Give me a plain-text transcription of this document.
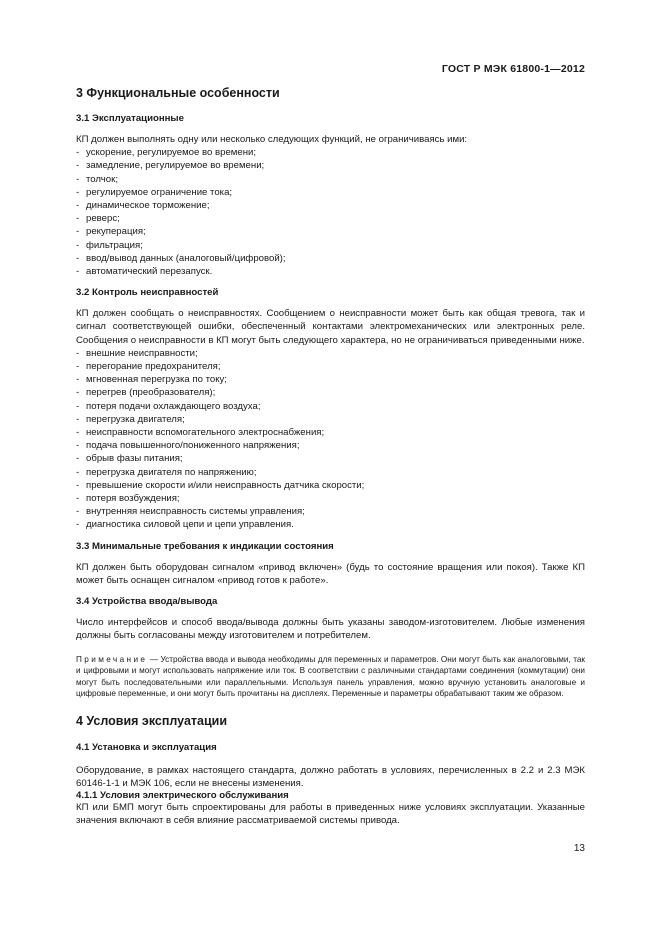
ГОСТ Р МЭК 61800-1—2012

3 Функциональные особенности

3.1 Эксплуатационные

КП должен выполнять одну или несколько следующих функций, не ограничиваясь ими:

- ускорение, регулируемое во времени;
- замедление, регулируемое во времени;
- толчок;
- регулируемое ограничение тока;
- динамическое торможение;
- реверс;
- рекуперация;
- фильтрация;
- ввод/вывод данных (аналоговый/цифровой);
- автоматический перезапуск.

3.2 Контроль неисправностей

КП должен сообщать о неисправностях. Сообщением о неисправности может быть как общая тревога, так и сигнал соответствующей ошибки, обеспеченный контактами электромеханических или электронных реле. Сообщения о неисправности в КП могут быть следующего характера, но не ограничиваться приведенными ниже.

- внешние неисправности;
- перегорание предохранителя;
- мгновенная перегрузка по току;
- перегрев (преобразователя);
- потеря подачи охлаждающего воздуха;
- перегрузка двигателя;
- неисправности вспомогательного электроснабжения;
- подача повышенного/пониженного напряжения;
- обрыв фазы питания;
- перегрузка двигателя по напряжению;
- превышение скорости и/или неисправность датчика скорости;
- потеря возбуждения;
- внутренняя неисправность системы управления;
- диагностика силовой цепи и цепи управления.

3.3 Минимальные требования к индикации состояния

КП должен быть оборудован сигналом «привод включен» (будь то состояние вращения или покоя). Также КП может быть оснащен сигналом «привод готов к работе».

3.4 Устройства ввода/вывода

Число интерфейсов и способ ввода/вывода должны быть указаны заводом-изготовителем. Любые изменения должны быть согласованы между изготовителем и потребителем.

Примечание — Устройства ввода и вывода необходимы для переменных и параметров. Они могут быть как аналоговыми, так и цифровыми и могут использовать напряжение или ток. В соответствии с различными стандартами соединения (коммутации) они могут быть последовательными или параллельными. Используя панель управления, можно вручную установить аналоговые и цифровые переменные, и они могут быть прочитаны на дисплеях. Переменные и параметры обрабатывают таким же образом.

4 Условия эксплуатации

4.1 Установка и эксплуатация

Оборудование, в рамках настоящего стандарта, должно работать в условиях, перечисленных в 2.2 и 2.3 МЭК 60146-1-1 и МЭК 106, если не внесены изменения.

4.1.1 Условия электрического обслуживания

КП или БМП могут быть спроектированы для работы в приведенных ниже условиях эксплуатации. Указанные значения включают в себя влияние рассматриваемой системы привода.

13
